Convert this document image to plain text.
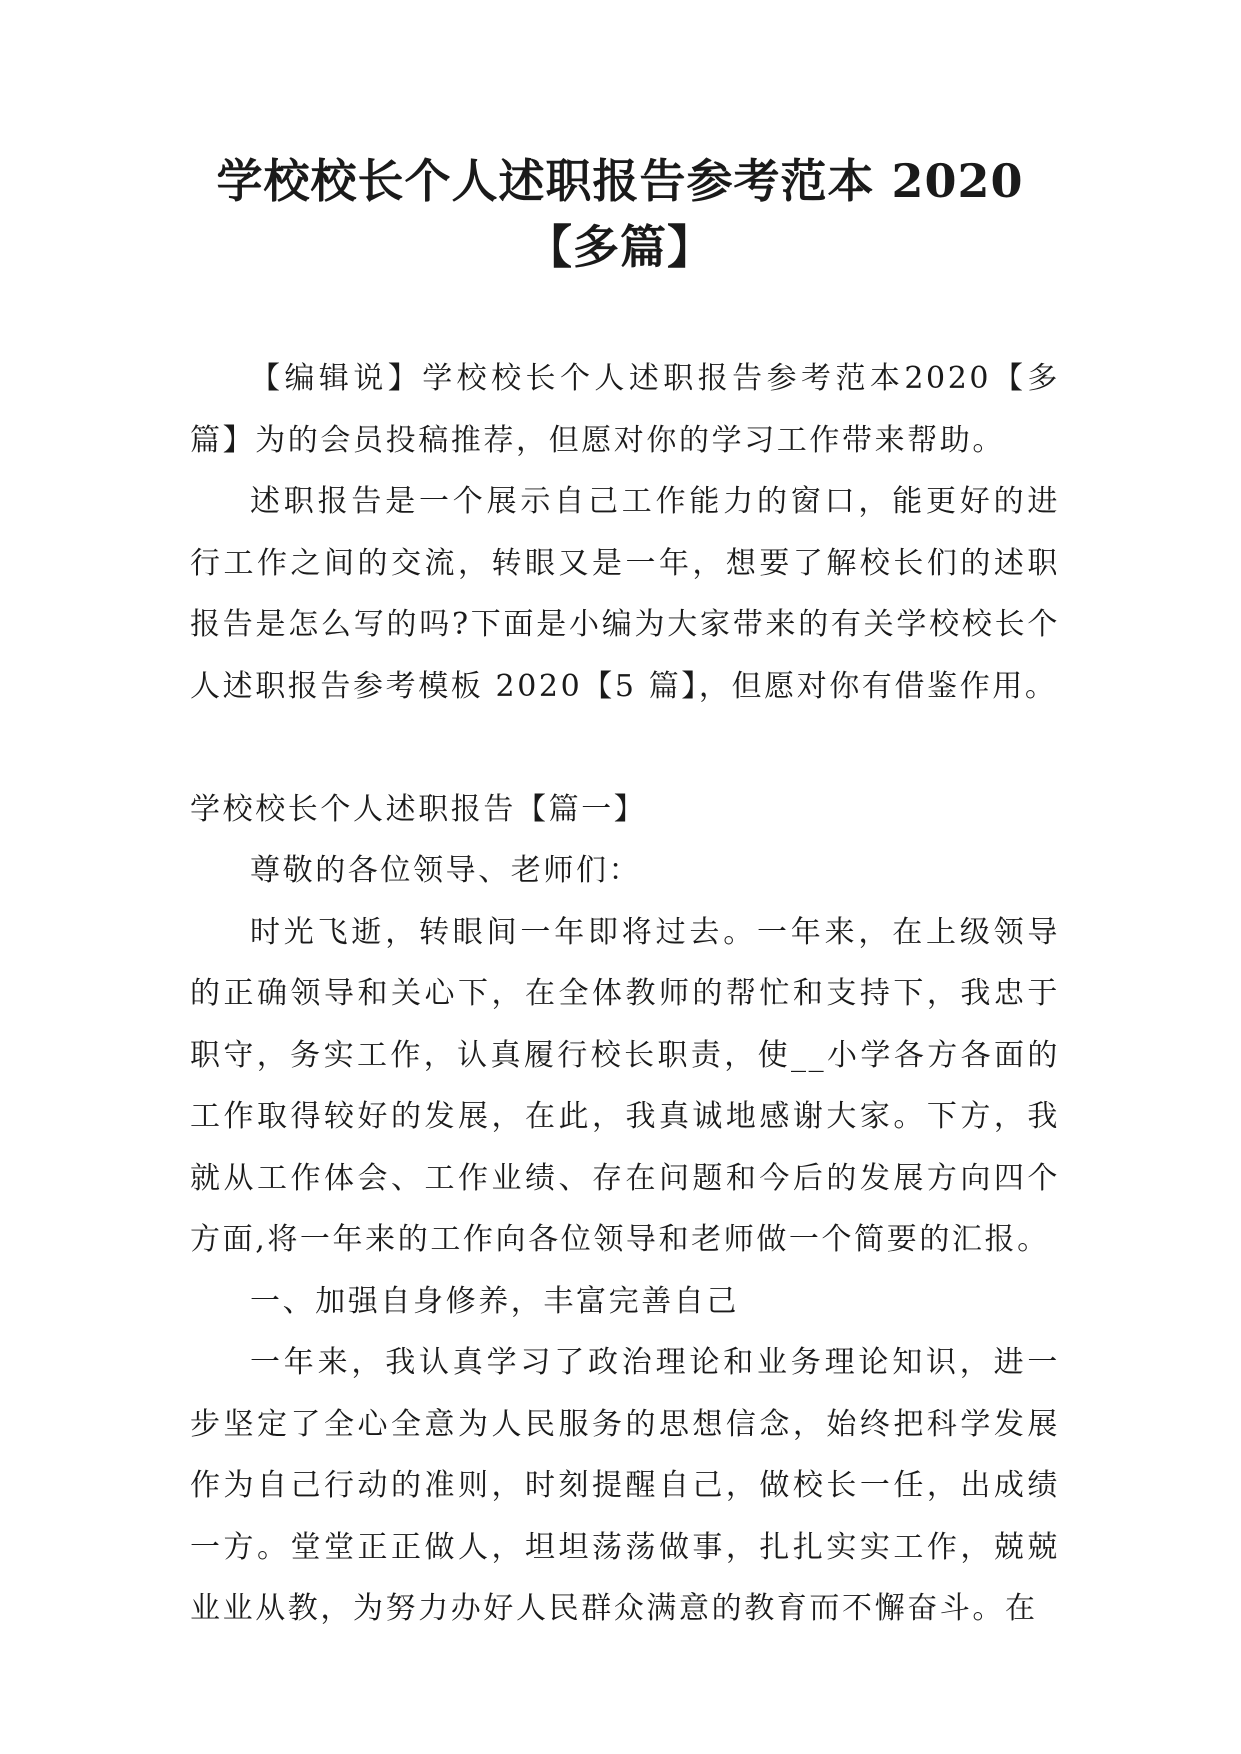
学校校长个人述职报告参考范本 2020【多篇】

【编辑说】学校校长个人述职报告参考范本2020【多篇】为的会员投稿推荐，但愿对你的学习工作带来帮助。

述职报告是一个展示自己工作能力的窗口，能更好的进行工作之间的交流，转眼又是一年，想要了解校长们的述职报告是怎么写的吗?下面是小编为大家带来的有关学校校长个人述职报告参考模板 2020【5 篇】，但愿对你有借鉴作用。

学校校长个人述职报告【篇一】

尊敬的各位领导、老师们：

时光飞逝，转眼间一年即将过去。一年来，在上级领导的正确领导和关心下，在全体教师的帮忙和支持下，我忠于职守，务实工作，认真履行校长职责，使__小学各方各面的工作取得较好的发展，在此，我真诚地感谢大家。下方，我就从工作体会、工作业绩、存在问题和今后的发展方向四个方面,将一年来的工作向各位领导和老师做一个简要的汇报。

一、加强自身修养，丰富完善自己

一年来，我认真学习了政治理论和业务理论知识，进一步坚定了全心全意为人民服务的思想信念，始终把科学发展作为自己行动的准则，时刻提醒自己，做校长一任，出成绩一方。堂堂正正做人，坦坦荡荡做事，扎扎实实工作，兢兢业业从教，为努力办好人民群众满意的教育而不懈奋斗。在
